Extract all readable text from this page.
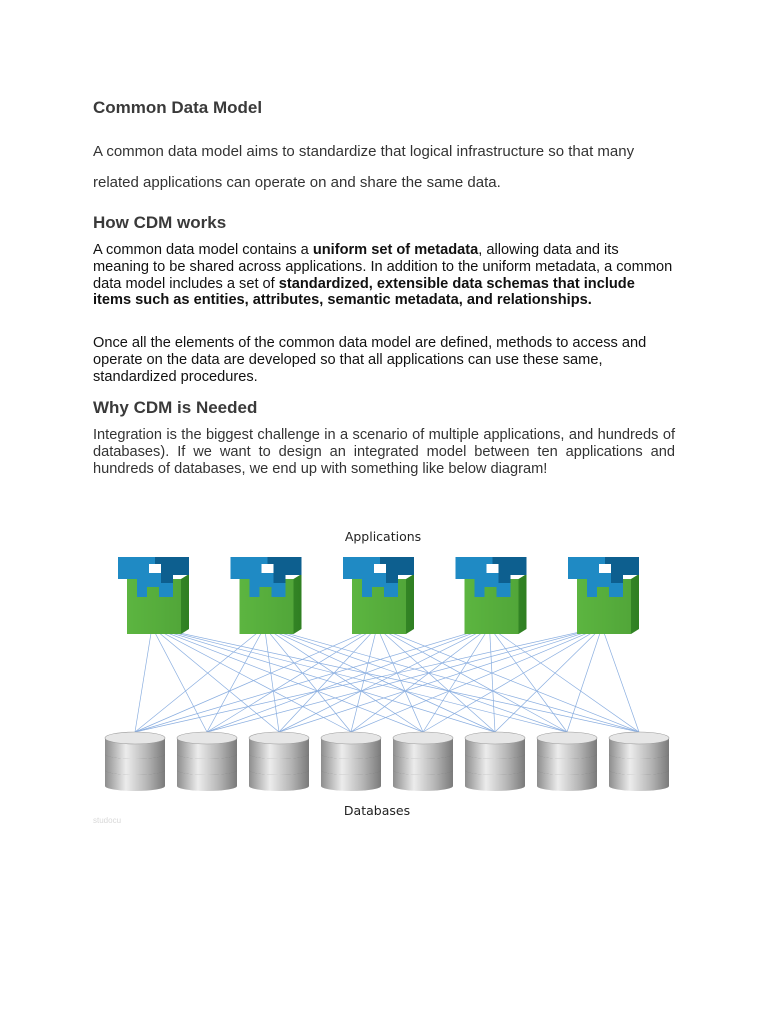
Common Data Model

A common data model aims to standardize that logical infrastructure so that many

related applications can operate on and share the same data.

How CDM works

A common data model contains a uniform set of metadata, allowing data and its meaning to be shared across applications. In addition to the uniform metadata, a common data model includes a set of standardized, extensible data schemas that include items such as entities, attributes, semantic metadata, and relationships.

Once all the elements of the common data model are defined, methods to access and operate on the data are developed so that all applications can use these same, standardized procedures.

Why CDM is Needed

Integration is the biggest challenge in a scenario of multiple applications, and hundreds of databases). If we want to design an integrated model between ten applications and hundreds of databases, we end up with something like below diagram!

Applications
Databases
studocu
